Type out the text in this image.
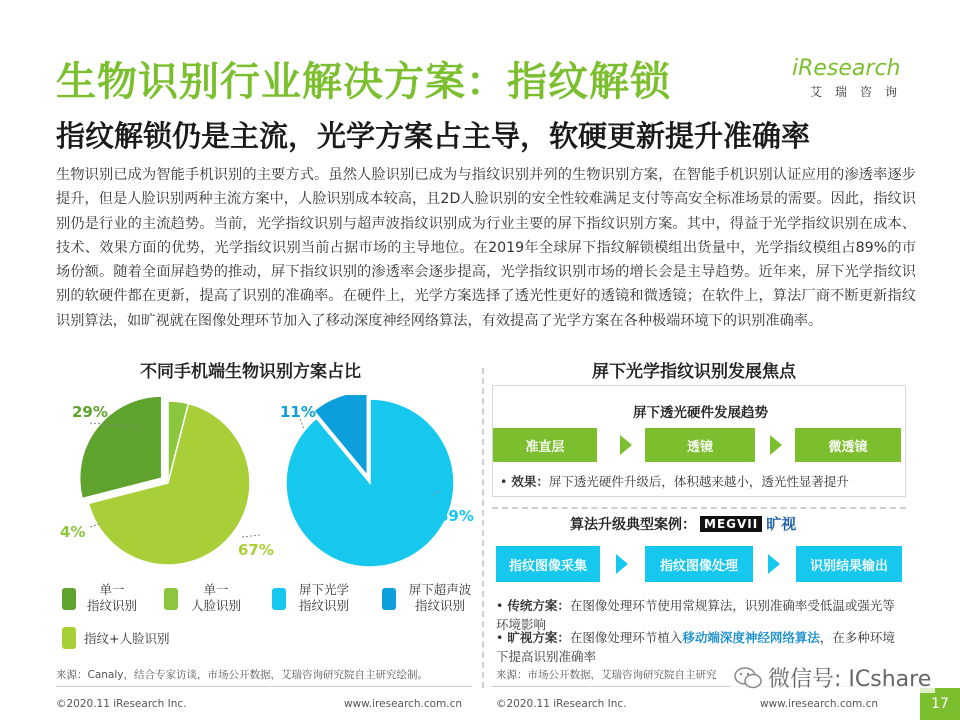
生物识别行业解决方案：指纹解锁
指纹解锁仍是主流，光学方案占主导，软硬更新提升准确率
iResearch
艾瑞咨询
生物识别已成为智能手机识别的主要方式。虽然人脸识别已成为与指纹识别并列的生物识别方案，在智能手机识别认证应用的渗透率逐步提升，但是人脸识别两种主流方案中，人脸识别成本较高，且2D人脸识别的安全性较难满足支付等高安全标准场景的需要。因此，指纹识别仍是行业的主流趋势。当前，光学指纹识别与超声波指纹识别成为行业主要的屏下指纹识别方案。其中，得益于光学指纹识别在成本、技术、效果方面的优势，光学指纹识别当前占据市场的主导地位。在2019年全球屏下指纹解锁模组出货量中，光学指纹模组占89%的市场份额。随着全面屏趋势的推动，屏下指纹识别的渗透率会逐步提高，光学指纹识别市场的增长会是主导趋势。近年来，屏下光学指纹识别的软硬件都在更新，提高了识别的准确率。在硬件上，光学方案选择了透光性更好的透镜和微透镜；在软件上，算法厂商不断更新指纹识别算法，如旷视就在图像处理环节加入了移动深度神经网络算法，有效提高了光学方案在各种极端环境下的识别准确率。
不同手机端生物识别方案占比
29%
4%
67%
11%
89%
单一
指纹识别
单一
人脸识别
屏下光学
指纹识别
屏下超声波
指纹识别
指纹+人脸识别
来源：Canaly，结合专家访谈，市场公开数据，艾瑞咨询研究院自主研究绘制。
屏下光学指纹识别发展焦点
屏下透光硬件发展趋势
准直层	透镜	微透镜
• 效果：屏下透光硬件升级后，体积越来越小，透光性显著提升
算法升级典型案例： MEGVII 旷视
指纹图像采集	指纹图像处理	识别结果输出
• 传统方案：在图像处理环节使用常规算法，识别准确率受低温或强光等环境影响
• 旷视方案：在图像处理环节植入移动端深度神经网络算法，在多种环境下提高识别准确率
来源：市场公开数据，艾瑞咨询研究院自主研究
©2020.11 iResearch Inc.	www.iresearch.com.cn	©2020.11 iResearch Inc.	www.iresearch.com.cn	17
微信号: ICshare
